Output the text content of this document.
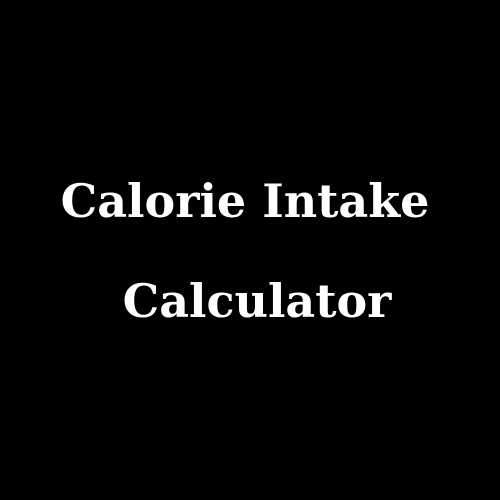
Calorie Intake
Calculator
